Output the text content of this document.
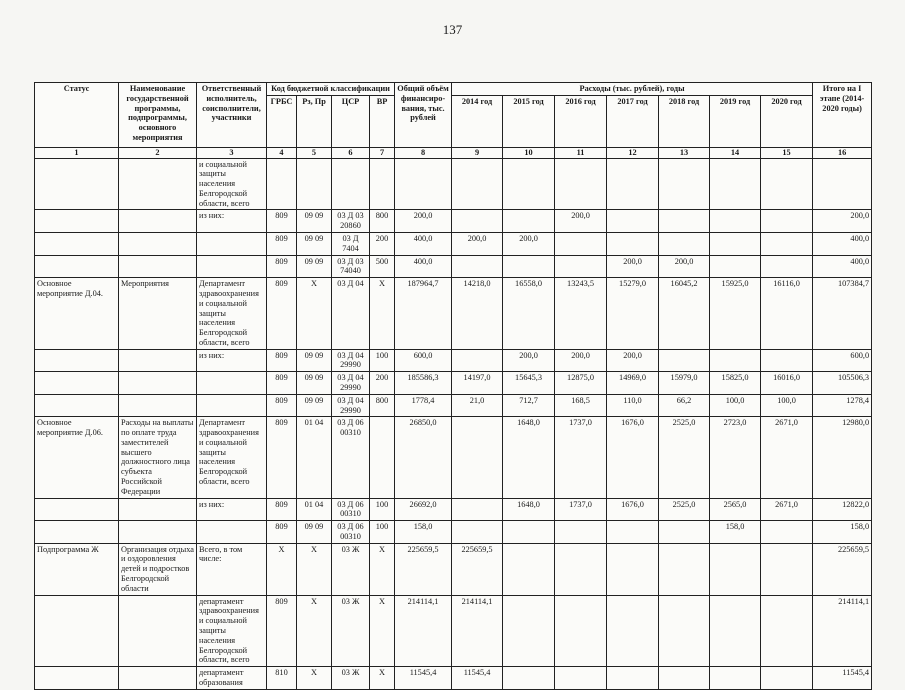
137
Статус	Наименование государственной программы, подпрограммы, основного мероприятия	Ответственный исполнитель, соисполнители, участники	Код бюджетной классификации				Общий объём финансиро-вания, тыс. рублей	Расходы (тыс. рублей), годы							Итого на I этапе (2014-2020 годы)
			ГРБС	Рз, Пр	ЦСР	ВР		2014 год	2015 год	2016 год	2017 год	2018 год	2019 год	2020 год	
1	2	3	4	5	6	7	8	9	10	11	12	13	14	15	16
		и социальной защиты населения Белгородской области, всего													
		из них:	809	09 09	03 Д 03 20860	800	200,0			200,0					200,0
			809	09 09	03 Д 7404	200	400,0	200,0	200,0						400,0
			809	09 09	03 Д 03 74040	500	400,0				200,0	200,0			400,0
Основное мероприятие Д.04.	Мероприятия	Департамент здравоохранения и социальной защиты населения Белгородской области, всего	809	Х	03 Д 04	Х	187964,7	14218,0	16558,0	13243,5	15279,0	16045,2	15925,0	16116,0	107384,7
		из них:	809	09 09	03 Д 04 29990	100	600,0		200,0	200,0	200,0				600,0
			809	09 09	03 Д 04 29990	200	185586,3	14197,0	15645,3	12875,0	14969,0	15979,0	15825,0	16016,0	105506,3
			809	09 09	03 Д 04 29990	800	1778,4	21,0	712,7	168,5	110,0	66,2	100,0	100,0	1278,4
Основное мероприятие Д.06.	Расходы на выплаты по оплате труда заместителей высшего должностного лица субъекта Российской Федерации	Департамент здравоохранения и социальной защиты населения Белгородской области, всего	809	01 04	03 Д 06 00310		26850,0		1648,0	1737,0	1676,0	2525,0	2723,0	2671,0	12980,0
		из них:	809	01 04	03 Д 06 00310	100	26692,0		1648,0	1737,0	1676,0	2525,0	2565,0	2671,0	12822,0
			809	09 09	03 Д 06 00310	100	158,0						158,0		158,0
Подпрограмма Ж	Организация отдыха и оздоровления детей и подростков Белгородской области	Всего, в том числе:	Х	Х	03 Ж	Х	225659,5	225659,5							225659,5
		департамент здравоохранения и социальной защиты населения Белгородской области, всего	809	Х	03 Ж	Х	214114,1	214114,1							214114,1
		департамент образования	810	Х	03 Ж	Х	11545,4	11545,4							11545,4
